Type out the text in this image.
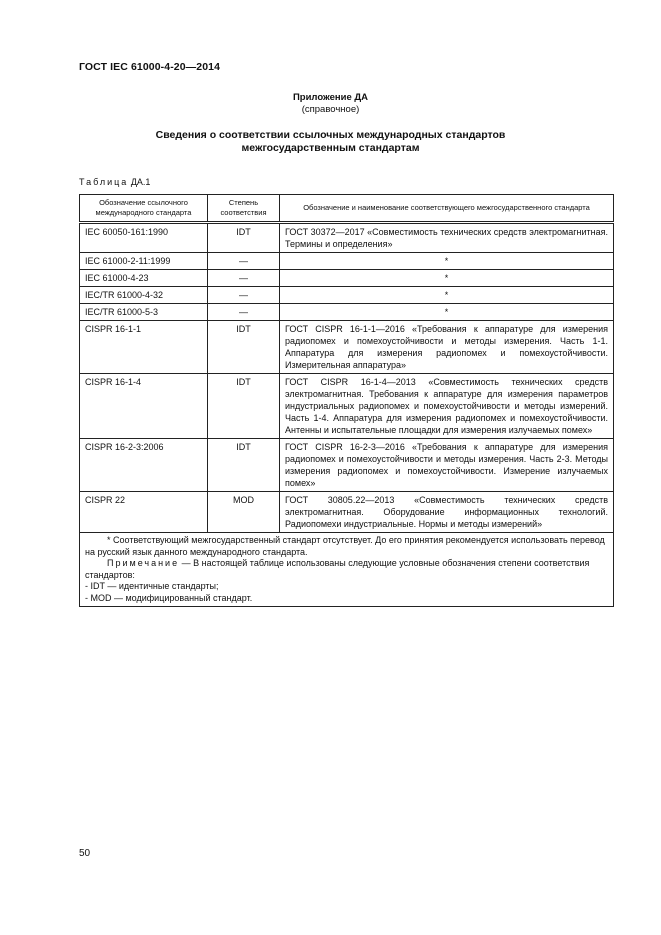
ГОСТ IEC 61000-4-20—2014
Приложение ДА
(справочное)
Сведения о соответствии ссылочных международных стандартов
межгосударственным стандартам
Таблица ДА.1
Обозначение ссылочного международного стандарта	Степень соответствия	Обозначение и наименование соответствующего межгосударственного стандарта
IEC 60050-161:1990	IDT	ГОСТ 30372—2017 «Совместимость технических средств электромагнитная. Термины и определения»
IEC 61000-2-11:1999	—	*
IEC 61000-4-23	—	*
IEC/TR 61000-4-32	—	*
IEC/TR 61000-5-3	—	*
CISPR 16-1-1	IDT	ГОСТ CISPR 16-1-1—2016 «Требования к аппаратуре для измерения радиопомех и помехоустойчивости и методы измерения. Часть 1-1. Аппаратура для измерения радиопомех и помехоустойчивости. Измерительная аппаратура»
CISPR 16-1-4	IDT	ГОСТ CISPR 16-1-4—2013 «Совместимость технических средств электромагнитная. Требования к аппаратуре для измерения параметров индустриальных радиопомех и помехоустойчивости и методы измерений. Часть 1-4. Аппаратура для измерения радиопомех и помехоустойчивости. Антенны и испытательные площадки для измерения излучаемых помех»
CISPR 16-2-3:2006	IDT	ГОСТ CISPR 16-2-3—2016 «Требования к аппаратуре для измерения радиопомех и помехоустойчивости и методы измерения. Часть 2-3. Методы измерения радиопомех и помехоустойчивости. Измерение излучаемых помех»
CISPR 22	MOD	ГОСТ 30805.22—2013 «Совместимость технических средств электромагнитная. Оборудование информационных технологий. Радиопомехи индустриальные. Нормы и методы измерений»

* Соответствующий межгосударственный стандарт отсутствует. До его принятия рекомендуется использовать перевод на русский язык данного международного стандарта.

Примечание — В настоящей таблице использованы следующие условные обозначения степени соответствия стандартов:

- IDT — идентичные стандарты;

- MOD — модифицированный стандарт.		

50
